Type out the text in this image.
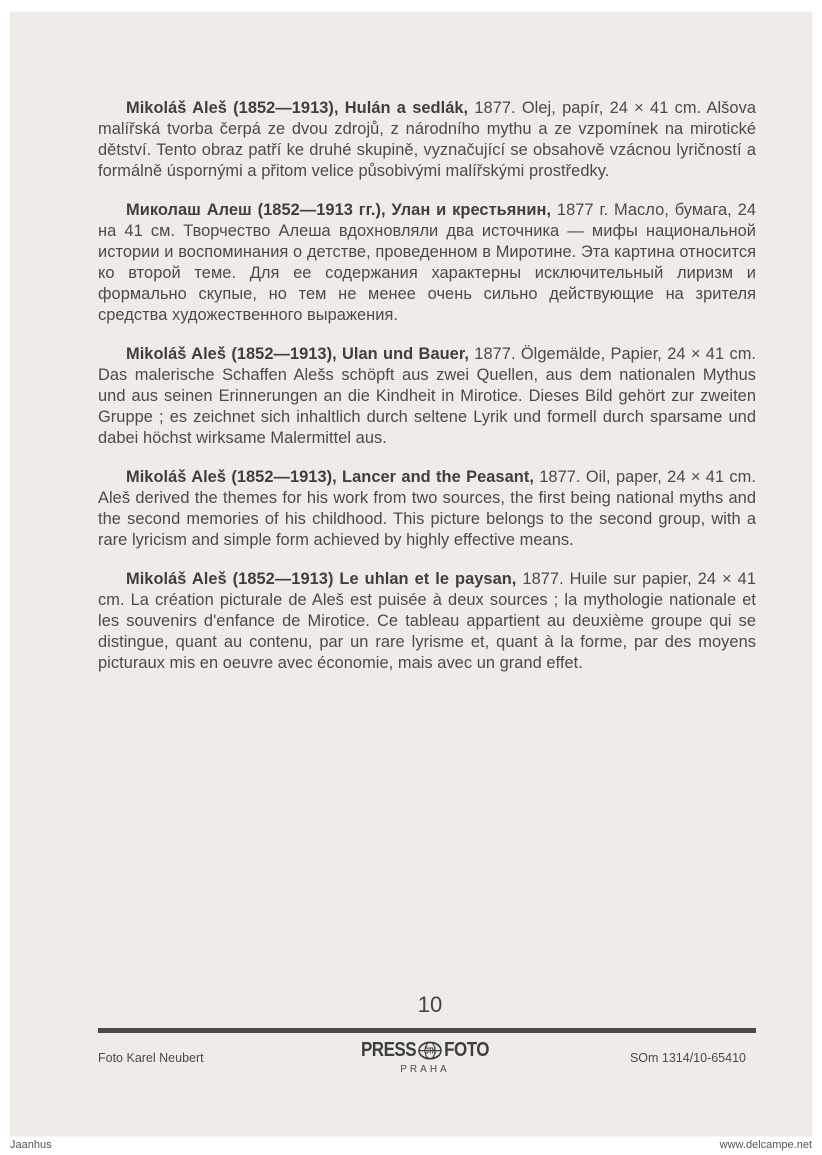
Mikoláš Aleš (1852—1913), Hulán a sedlák, 1877. Olej, papír, 24 × 41 cm. Alšova malířská tvorba čerpá ze dvou zdrojů, z národního mythu a ze vzpomínek na mirotické dětství. Tento obraz patří ke druhé skupině, vyznačující se obsahově vzácnou lyričností a formálně úspornými a přitom velice působivými malířskými prostředky.

Миколаш Алеш (1852—1913 гг.), Улан и крестьянин, 1877 г. Масло, бумага, 24 на 41 см. Творчество Алеша вдохновляли два источника — мифы национальной истории и воспоминания о детстве, проведенном в Миротине. Эта картина относится ко второй теме. Для ее содержания характерны исключительный лиризм и формально скупые, но тем не менее очень сильно действующие на зрителя средства художественного выражения.

Mikoláš Aleš (1852—1913), Ulan und Bauer, 1877. Ölgemälde, Papier, 24 × 41 cm. Das malerische Schaffen Alešs schöpft aus zwei Quellen, aus dem nationalen Mythus und aus seinen Erinnerungen an die Kindheit in Mirotice. Dieses Bild gehört zur zweiten Gruppe ; es zeichnet sich inhaltlich durch seltene Lyrik und formell durch sparsame und dabei höchst wirksame Malermittel aus.

Mikoláš Aleš (1852—1913), Lancer and the Peasant, 1877. Oil, paper, 24 × 41 cm. Aleš derived the themes for his work from two sources, the first being national myths and the second memories of his childhood. This picture belongs to the second group, with a rare lyricism and simple form achieved by highly effective means.

Mikoláš Aleš (1852—1913) Le uhlan et le paysan, 1877. Huile sur papier, 24 × 41 cm. La création picturale de Aleš est puisée à deux sources ; la mythologie nationale et les souvenirs d'enfance de Mirotice. Ce tableau appartient au deuxième groupe qui se distingue, quant au contenu, par un rare lyrisme et, quant à la forme, par des moyens picturaux mis en oeuvre avec économie, mais avec un grand effet.

10
Foto Karel Neubert	PRESS ČTK FOTO
PRAHA
SOm 1314/10-65410
Jaanhus	www.delcampe.net
